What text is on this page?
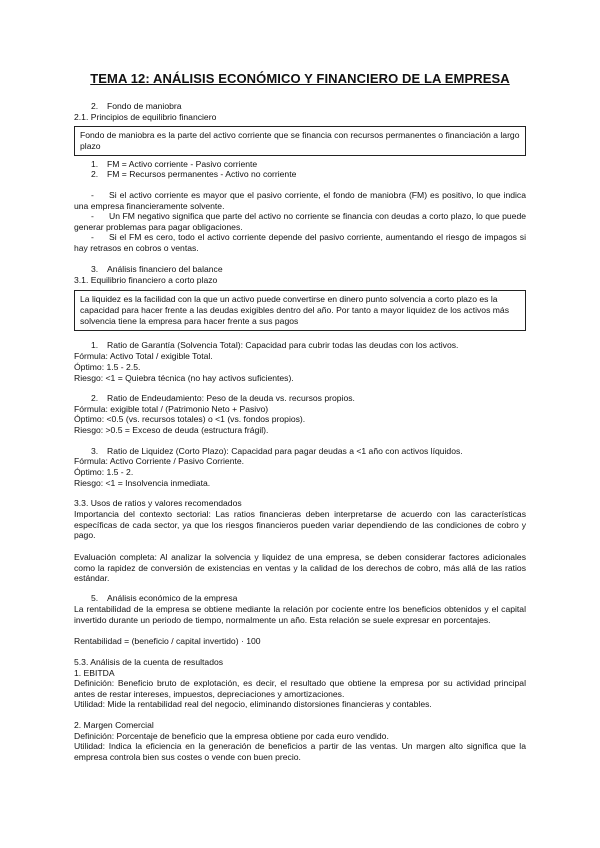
TEMA 12: ANÁLISIS ECONÓMICO Y FINANCIERO DE LA EMPRESA
2. Fondo de maniobra
2.1. Principios de equilibrio financiero
Fondo de maniobra es la parte del activo corriente que se financia con recursos permanentes o financiación a largo plazo
1. FM = Activo corriente - Pasivo corriente
2. FM = Recursos permanentes - Activo no corriente
-	Si el activo corriente es mayor que el pasivo corriente, el fondo de maniobra (FM) es positivo, lo que indica una empresa financieramente solvente.
-	Un FM negativo significa que parte del activo no corriente se financia con deudas a corto plazo, lo que puede generar problemas para pagar obligaciones.
-	Si el FM es cero, todo el activo corriente depende del pasivo corriente, aumentando el riesgo de impagos si hay retrasos en cobros o ventas.
3. Análisis financiero del balance
3.1. Equilibrio financiero a corto plazo
La liquidez es la facilidad con la que un activo puede convertirse en dinero punto solvencia a corto plazo es la capacidad para hacer frente a las deudas exigibles dentro del año. Por tanto a mayor liquidez de los activos más solvencia tiene la empresa para hacer frente a sus pagos
1. Ratio de Garantía (Solvencia Total): Capacidad para cubrir todas las deudas con los activos.
Fórmula: Activo Total / exigible Total.
Óptimo: 1.5 - 2.5.
Riesgo: <1 = Quiebra técnica (no hay activos suficientes).
2. Ratio de Endeudamiento: Peso de la deuda vs. recursos propios.
Fórmula: exigible total / (Patrimonio Neto + Pasivo)
Óptimo: <0.5 (vs. recursos totales) o <1 (vs. fondos propios).
Riesgo: >0.5 = Exceso de deuda (estructura frágil).
3. Ratio de Liquidez (Corto Plazo): Capacidad para pagar deudas a <1 año con activos líquidos.
Fórmula: Activo Corriente / Pasivo Corriente.
Óptimo: 1.5 - 2.
Riesgo: <1 = Insolvencia inmediata.
3.3. Usos de ratios y valores recomendados
Importancia del contexto sectorial: Las ratios financieras deben interpretarse de acuerdo con las características específicas de cada sector, ya que los riesgos financieros pueden variar dependiendo de las condiciones de cobro y pago.
Evaluación completa: Al analizar la solvencia y liquidez de una empresa, se deben considerar factores adicionales como la rapidez de conversión de existencias en ventas y la calidad de los derechos de cobro, más allá de las ratios estándar.
5. Análisis económico de la empresa
La rentabilidad de la empresa se obtiene mediante la relación por cociente entre los beneficios obtenidos y el capital invertido durante un periodo de tiempo, normalmente un año. Esta relación se suele expresar en porcentajes.
Rentabilidad = (beneficio / capital invertido) · 100
5.3. Análisis de la cuenta de resultados
1. EBITDA
Definición: Beneficio bruto de explotación, es decir, el resultado que obtiene la empresa por su actividad principal antes de restar intereses, impuestos, depreciaciones y amortizaciones.
Utilidad: Mide la rentabilidad real del negocio, eliminando distorsiones financieras y contables.
2. Margen Comercial
Definición: Porcentaje de beneficio que la empresa obtiene por cada euro vendido.
Utilidad: Indica la eficiencia en la generación de beneficios a partir de las ventas. Un margen alto significa que la empresa controla bien sus costes o vende con buen precio.
